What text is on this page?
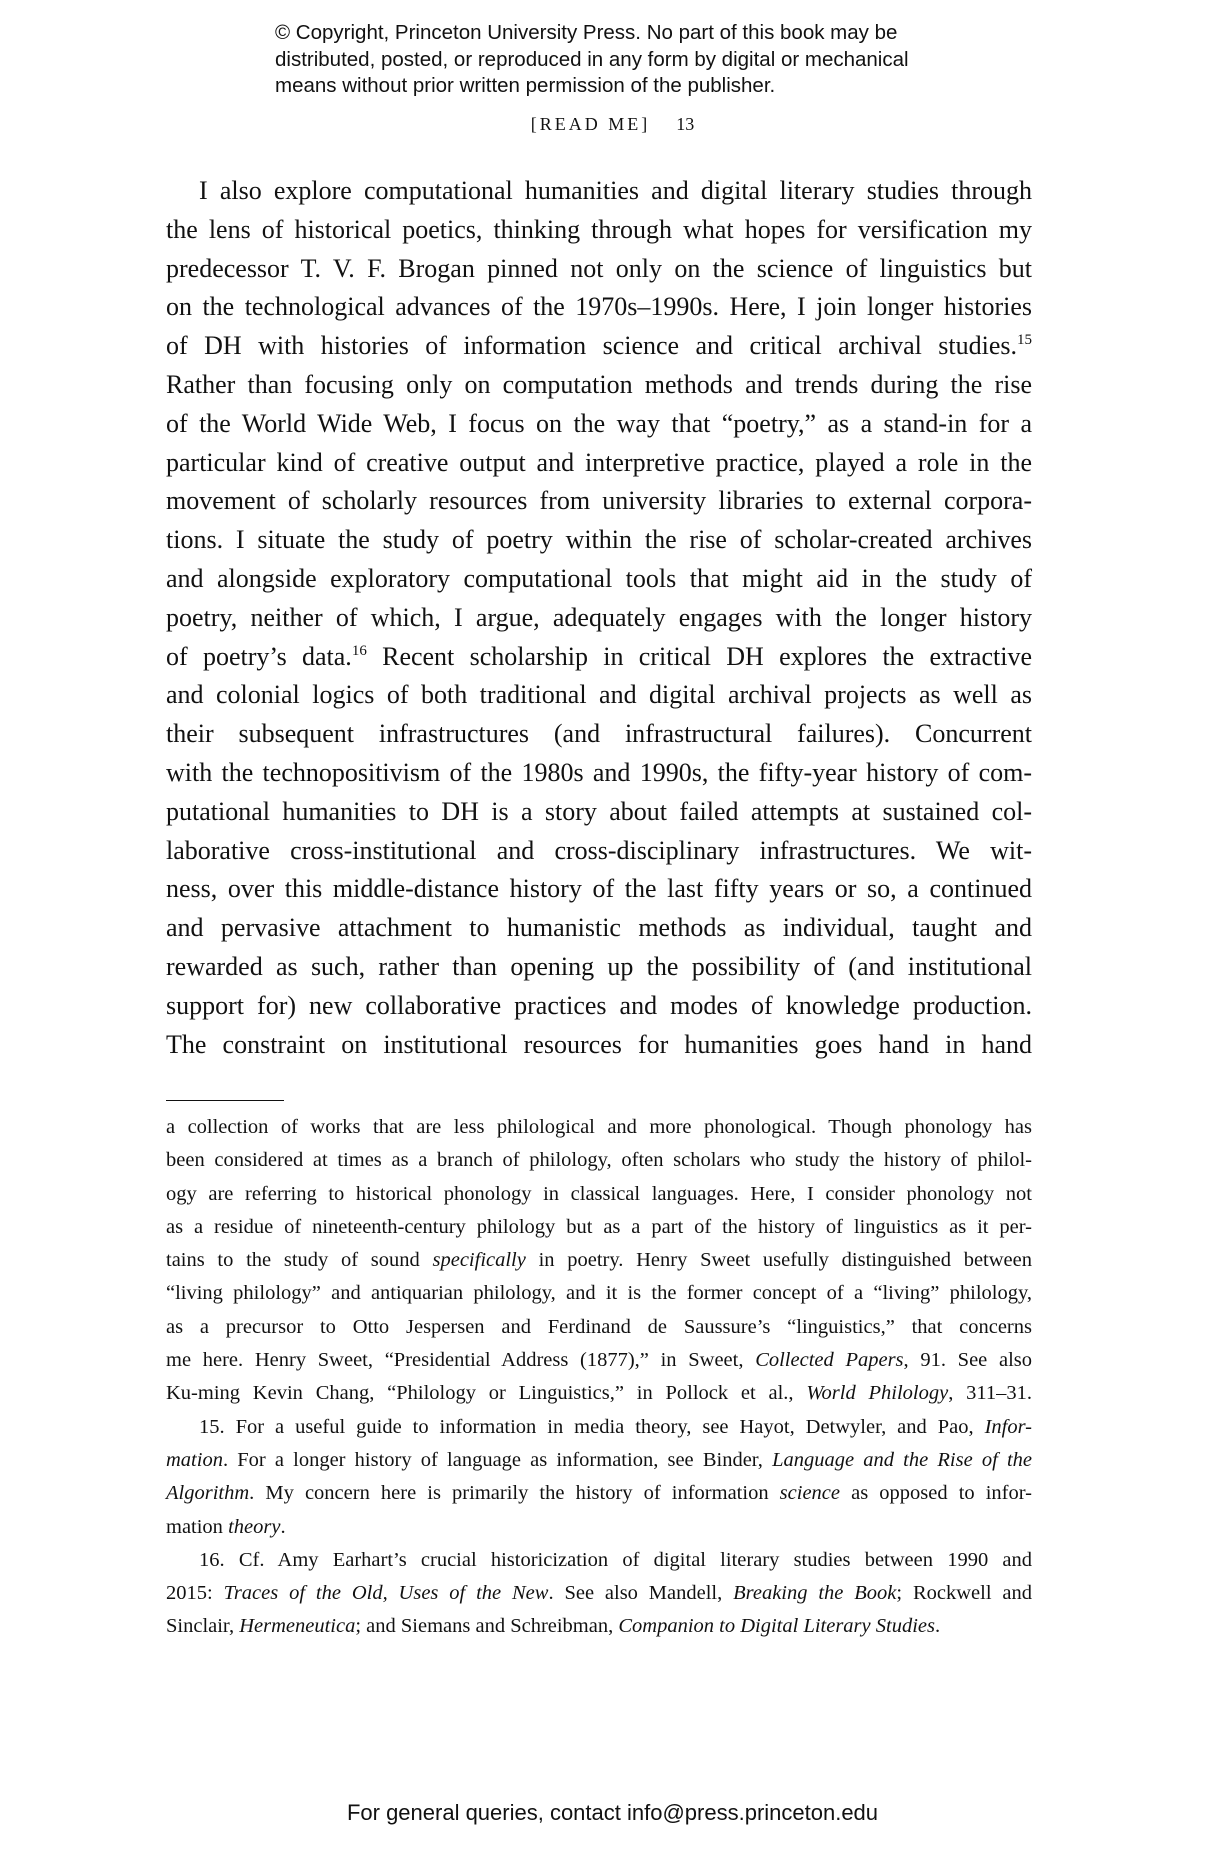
© Copyright, Princeton University Press. No part of this book may be
distributed, posted, or reproduced in any form by digital or mechanical
means without prior written permission of the publisher.
[READ ME] 13
I also explore computational humanities and digital literary studies through
the lens of historical poetics, thinking through what hopes for versification my
predecessor T. V. F. Brogan pinned not only on the science of linguistics but
on the technological advances of the 1970s–1990s. Here, I join longer histories
of DH with histories of information science and critical archival studies.$^{15}$
Rather than focusing only on computation methods and trends during the rise
of the World Wide Web, I focus on the way that “poetry,” as a stand-in for a
particular kind of creative output and interpretive practice, played a role in the
movement of scholarly resources from university libraries to external corpora-
tions. I situate the study of poetry within the rise of scholar-created archives
and alongside exploratory computational tools that might aid in the study of
poetry, neither of which, I argue, adequately engages with the longer history
of poetry’s data.$^{16}$ Recent scholarship in critical DH explores the extractive
and colonial logics of both traditional and digital archival projects as well as
their subsequent infrastructures (and infrastructural failures). Concurrent
with the technopositivism of the 1980s and 1990s, the fifty-year history of com-
putational humanities to DH is a story about failed attempts at sustained col-
laborative cross-institutional and cross-disciplinary infrastructures. We wit-
ness, over this middle-distance history of the last fifty years or so, a continued
and pervasive attachment to humanistic methods as individual, taught and
rewarded as such, rather than opening up the possibility of (and institutional
support for) new collaborative practices and modes of knowledge production.
The constraint on institutional resources for humanities goes hand in hand
a collection of works that are less philological and more phonological. Though phonology has
been considered at times as a branch of philology, often scholars who study the history of philol-
ogy are referring to historical phonology in classical languages. Here, I consider phonology not
as a residue of nineteenth-century philology but as a part of the history of linguistics as it per-
tains to the study of sound specifically in poetry. Henry Sweet usefully distinguished between
“living philology” and antiquarian philology, and it is the former concept of a “living” philology,
as a precursor to Otto Jespersen and Ferdinand de Saussure’s “linguistics,” that concerns
me here. Henry Sweet, “Presidential Address (1877),” in Sweet, Collected Papers, 91. See also
Ku-ming Kevin Chang, “Philology or Linguistics,” in Pollock et al., World Philology, 311–31.
15. For a useful guide to information in media theory, see Hayot, Detwyler, and Pao, Infor-
mation. For a longer history of language as information, see Binder, Language and the Rise of the
Algorithm. My concern here is primarily the history of information science as opposed to infor-
mation theory.
16. Cf. Amy Earhart’s crucial historicization of digital literary studies between 1990 and
2015: Traces of the Old, Uses of the New. See also Mandell, Breaking the Book; Rockwell and
Sinclair, Hermeneutica; and Siemans and Schreibman, Companion to Digital Literary Studies.
For general queries, contact info@press.princeton.edu
